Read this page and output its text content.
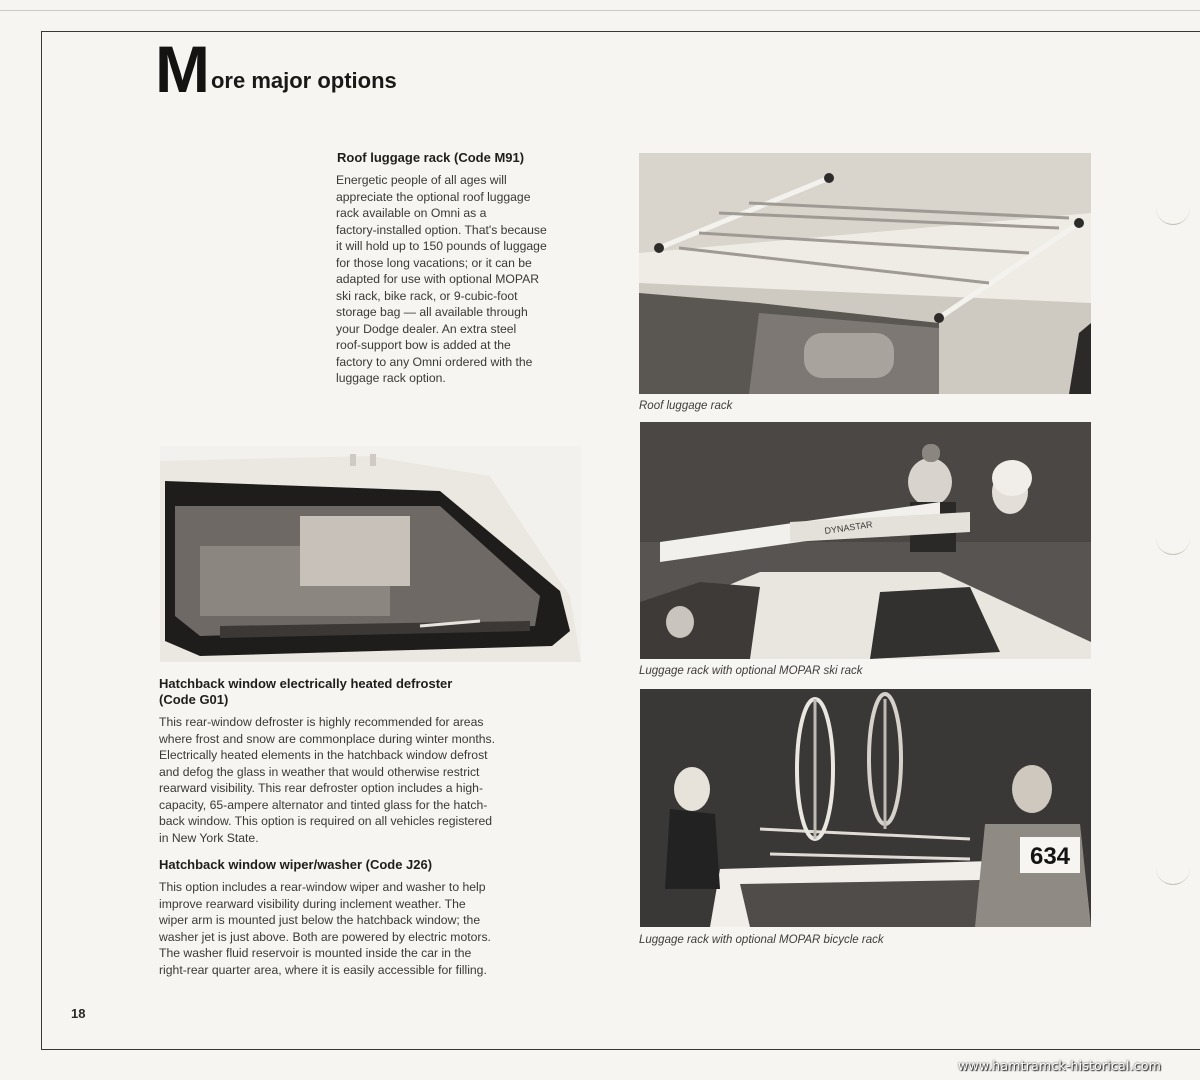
M ore major options
Roof luggage rack (Code M91)
Energetic people of all ages will
appreciate the optional roof luggage
rack available on Omni as a
factory-installed option. That's because
it will hold up to 150 pounds of luggage
for those long vacations; or it can be
adapted for use with optional MOPAR
ski rack, bike rack, or 9-cubic-foot
storage bag — all available through
your Dodge dealer. An extra steel
roof-support bow is added at the
factory to any Omni ordered with the
luggage rack option.
Roof luggage rack
DYNASTAR
Luggage rack with optional MOPAR ski rack
634
Luggage rack with optional MOPAR bicycle rack
Hatchback window electrically heated defroster
(Code G01)
This rear-window defroster is highly recommended for areas
where frost and snow are commonplace during winter months.
Electrically heated elements in the hatchback window defrost
and defog the glass in weather that would otherwise restrict
rearward visibility. This rear defroster option includes a high-
capacity, 65-ampere alternator and tinted glass for the hatch-
back window. This option is required on all vehicles registered
in New York State.
Hatchback window wiper/washer (Code J26)
This option includes a rear-window wiper and washer to help
improve rearward visibility during inclement weather. The
wiper arm is mounted just below the hatchback window; the
washer jet is just above. Both are powered by electric motors.
The washer fluid reservoir is mounted inside the car in the
right-rear quarter area, where it is easily accessible for filling.
18
www.hamtramck-historical.com
